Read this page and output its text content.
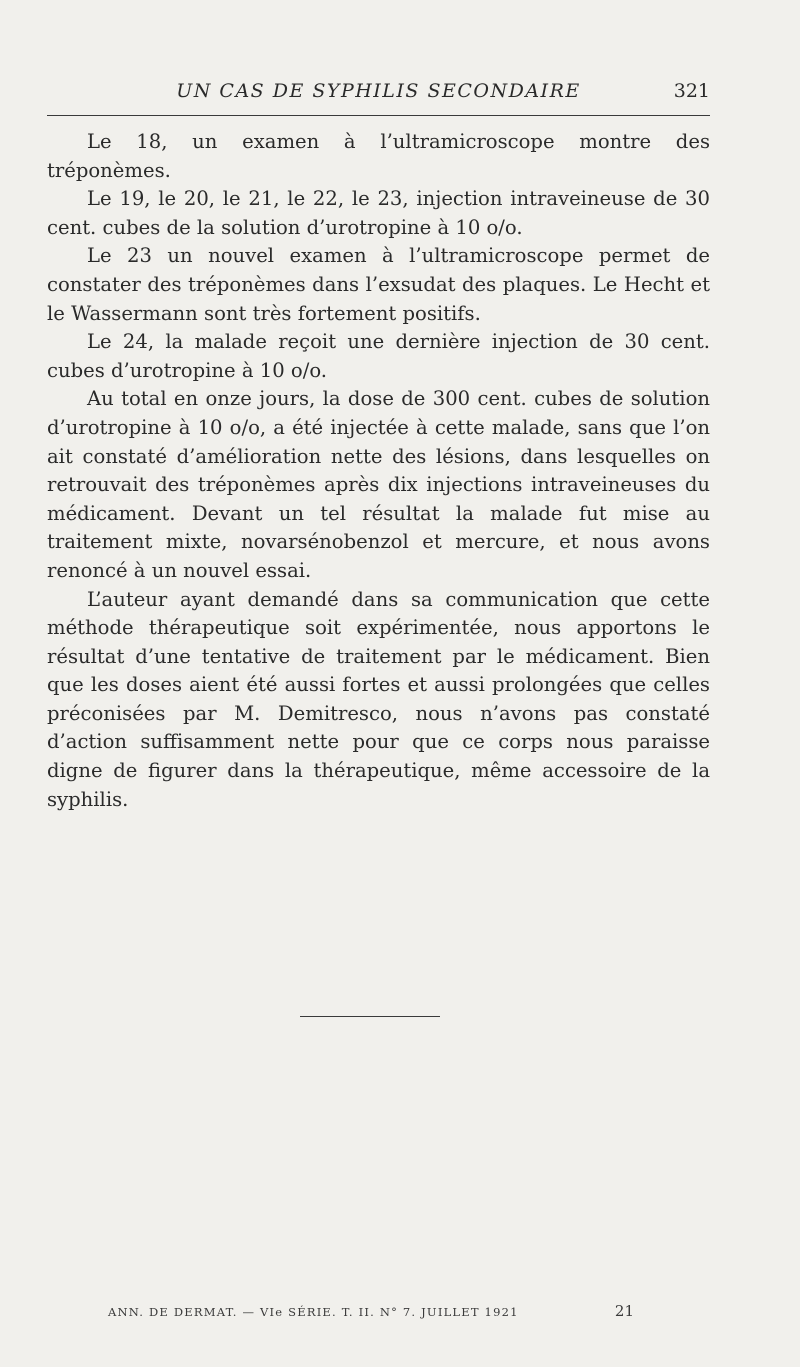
UN CAS DE SYPHILIS SECONDAIRE	321

Le 18, un examen à l’ultramicroscope montre des tréponèmes.

Le 19, le 20, le 21, le 22, le 23, injection intraveineuse de 30 cent. cubes de la solution d’urotropine à 10 o/o.

Le 23 un nouvel examen à l’ultramicroscope permet de constater des tréponèmes dans l’exsudat des plaques. Le Hecht et le Wassermann sont très fortement positifs.

Le 24, la malade reçoit une dernière injection de 30 cent. cubes d’urotropine à 10 o/o.

Au total en onze jours, la dose de 300 cent. cubes de solution d’urotropine à 10 o/o, a été injectée à cette malade, sans que l’on ait constaté d’amélioration nette des lésions, dans lesquelles on retrouvait des tréponèmes après dix injections intraveineuses du médicament. Devant un tel résultat la malade fut mise au traitement mixte, novarsénobenzol et mercure, et nous avons renoncé à un nouvel essai.

L’auteur ayant demandé dans sa communication que cette méthode thérapeutique soit expérimentée, nous apportons le résultat d’une tentative de traitement par le médicament. Bien que les doses aient été aussi fortes et aussi prolongées que celles préconisées par M. Demitresco, nous n’avons pas constaté d’action suffisamment nette pour que ce corps nous paraisse digne de figurer dans la thérapeutique, même accessoire de la syphilis.

ANN. DE DERMAT. — VIe SÉRIE. T. II. N° 7. JUILLET 1921	21
